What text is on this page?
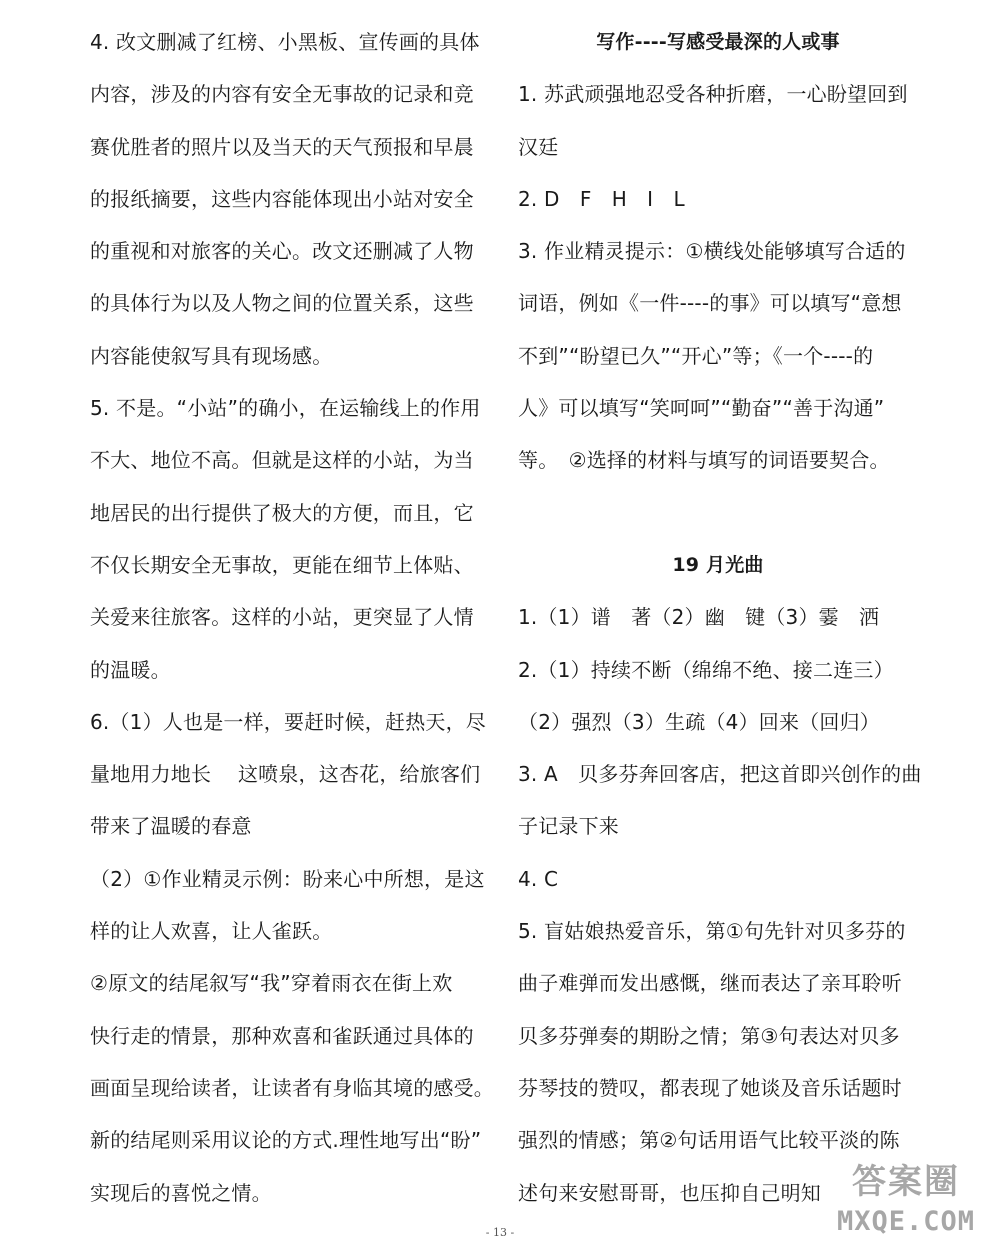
4. 改文删减了红榜、小黑板、宣传画的具体
内容，涉及的内容有安全无事故的记录和竞
赛优胜者的照片以及当天的天气预报和早晨
的报纸摘要，这些内容能体现出小站对安全
的重视和对旅客的关心。改文还删减了人物
的具体行为以及人物之间的位置关系，这些
内容能使叙写具有现场感。
5. 不是。“小站”的确小，在运输线上的作用
不大、地位不高。但就是这样的小站，为当
地居民的出行提供了极大的方便，而且，它
不仅长期安全无事故，更能在细节上体贴、
关爱来往旅客。这样的小站，更突显了人情
的温暖。
6.（1）人也是一样，要赶时候，赶热天，尽
量地用力地长　 这喷泉，这杏花，给旅客们
带来了温暖的春意
（2）①作业精灵示例：盼来心中所想，是这
样的让人欢喜，让人雀跃。
②原文的结尾叙写“我”穿着雨衣在街上欢
快行走的情景，那种欢喜和雀跃通过具体的
画面呈现给读者，让读者有身临其境的感受。
新的结尾则采用议论的方式.理性地写出“盼”
实现后的喜悦之情。
写作----写感受最深的人或事
1. 苏武顽强地忍受各种折磨，一心盼望回到
汉廷
2. D　F　H　I　L
3. 作业精灵提示：①横线处能够填写合适的
词语，例如《一件----的事》可以填写“意想
不到”“盼望已久”“开心”等；《一个----的
人》可以填写“笑呵呵”“勤奋”“善于沟通”
等。　②选择的材料与填写的词语要契合。
19 月光曲
1.（1）谱　著（2）幽　键（3）霎　洒
2.（1）持续不断（绵绵不绝、接二连三）
（2）强烈（3）生疏（4）回来（回归）
3. A　贝多芬奔回客店，把这首即兴创作的曲
子记录下来
4. C
5. 盲姑娘热爱音乐，第①句先针对贝多芬的
曲子难弹而发出感慨，继而表达了亲耳聆听
贝多芬弹奏的期盼之情；第③句表达对贝多
芬琴技的赞叹，都表现了她谈及音乐话题时
强烈的情感；第②句话用语气比较平淡的陈
述句来安慰哥哥，也压抑自己明知
- 13 -
答案圈
MXQE.COM
